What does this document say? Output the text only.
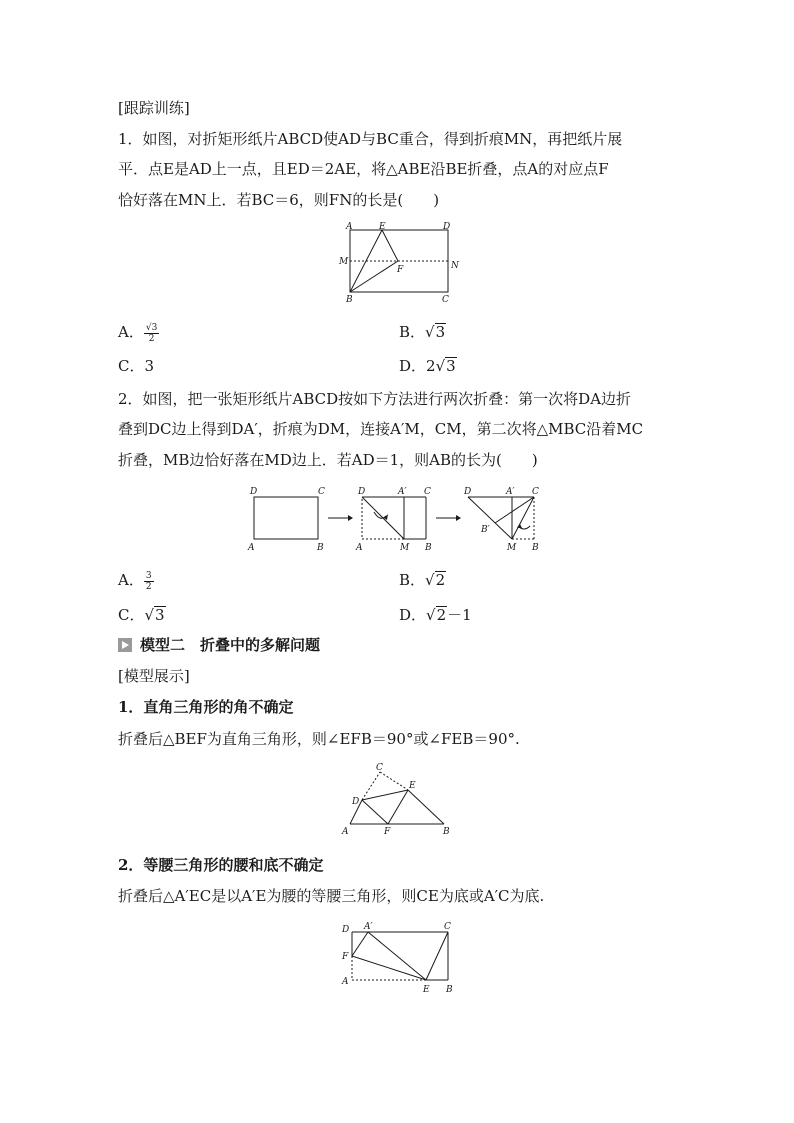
[跟踪训练]
1．如图，对折矩形纸片ABCD使AD与BC重合，得到折痕MN，再把纸片展
平．点E是AD上一点，且ED＝2AE，将△ABE沿BE折叠，点A的对应点F
恰好落在MN上．若BC＝6，则FN的长是(　　)
A	E	D
M
F	N
B	C
A． $\frac{√3}{2}$	B．√3
C．3	D．2√3
2．如图，把一张矩形纸片ABCD按如下方法进行两次折叠：第一次将DA边折
叠到DC边上得到DA′，折痕为DM，连接A′M，CM，第二次将△MBC沿着MC
折叠，MB边恰好落在MD边上．若AD＝1，则AB的长为(　　)
D	C
A	B
D	A′ C
A	M B
D	A′ C
B′
M B
A． $\frac{3}{2}$	B．√2
C．√3	D．√2－1
模型二　折叠中的多解问题
[模型展示]
1．直角三角形的角不确定
折叠后△BEF为直角三角形，则∠EFB＝90°或∠FEB＝90°.
C
E
D
A	F	B
2．等腰三角形的腰和底不确定
折叠后△A′EC是以A′E为腰的等腰三角形，则CE为底或A′C为底.
D A′	C
F
A
E B
